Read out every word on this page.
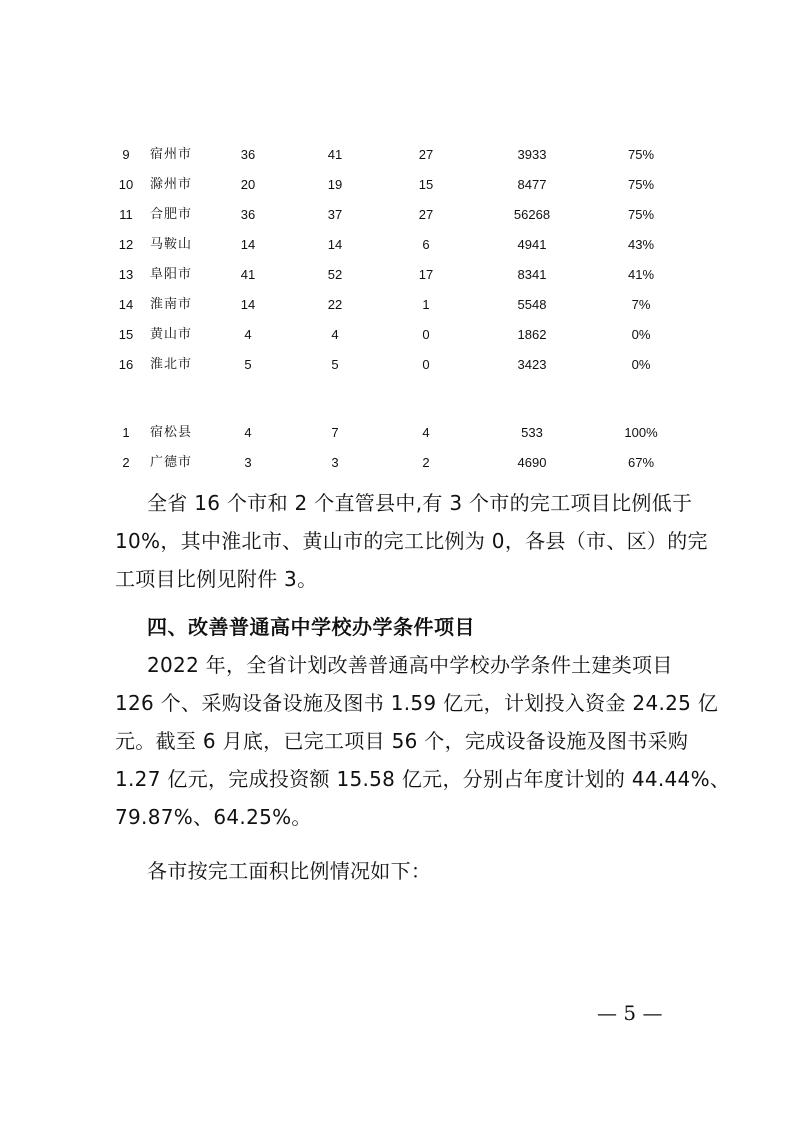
9	宿州市	36	41	27	3933	75%
10	滁州市	20	19	15	8477	75%
11	合肥市	36	37	27	56268	75%
12	马鞍山	14	14	6	4941	43%
13	阜阳市	41	52	17	8341	41%
14	淮南市	14	22	1	5548	7%
15	黄山市	4	4	0	1862	0%
16	淮北市	5	5	0	3423	0%
1	宿松县	4	7	4	533	100%
2	广德市	3	3	2	4690	67%
全省 16 个市和 2 个直管县中,有 3 个市的完工项目比例低于
10%，其中淮北市、黄山市的完工比例为 0，各县（市、区）的完
工项目比例见附件 3。
四、改善普通高中学校办学条件项目
2022 年，全省计划改善普通高中学校办学条件土建类项目
126 个、采购设备设施及图书 1.59 亿元，计划投入资金 24.25 亿
元。截至 6 月底，已完工项目 56 个，完成设备设施及图书采购
1.27 亿元，完成投资额 15.58 亿元，分别占年度计划的 44.44%、
79.87%、64.25%。
各市按完工面积比例情况如下：
— 5 —
